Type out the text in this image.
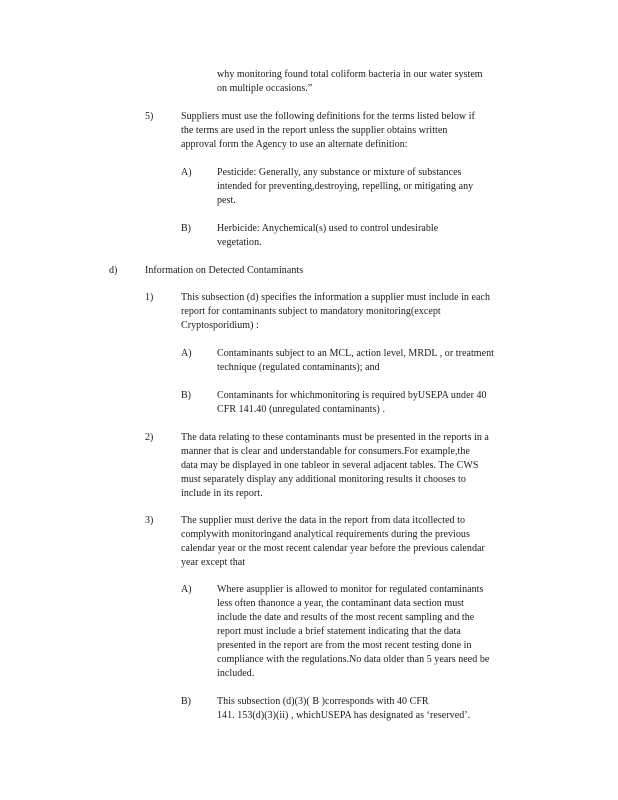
why monitoring found total coliform bacteria in our water system
on multiple occasions.”
5)	Suppliers must use the following definitions for the terms listed below if
the terms are used in the report unless the supplier obtains written
approval form the Agency to use an alternate definition:
A)	Pesticide: Generally, any substance or mixture of substances
intended for preventing,destroying, repelling, or mitigating any
pest.
B)	Herbicide: Anychemical(s) used to control undesirable
vegetation.
d)	Information on Detected Contaminants
1)	This subsection (d) specifies the information a supplier must include in each
report for contaminants subject to mandatory monitoring(except
Cryptosporidium) :
A)	Contaminants subject to an MCL, action level, MRDL , or treatment
technique (regulated contaminants); and
B)	Contaminants for whichmonitoring is required byUSEPA under 40
CFR 141.40 (unregulated contaminants) .
2)	The data relating to these contaminants must be presented in the reports in a
manner that is clear and understandable for consumers.For example,the
data may be displayed in one tableor in several adjacent tables. The CWS
must separately display any additional monitoring results it chooses to
include in its report.
3)	The supplier must derive the data in the report from data itcollected to
complywith monitoringand analytical requirements during the previous
calendar year or the most recent calendar year before the previous calendar
year except that
A)	Where asupplier is allowed to monitor for regulated contaminants
less often thanonce a year, the contaminant data section must
include the date and results of the most recent sampling and the
report must include a brief statement indicating that the data
presented in the report are from the most recent testing done in
compliance with the regulations.No data older than 5 years need be
included.
B)	This subsection (d)(3)( B )corresponds with 40 CFR
141. 153(d)(3)(ii) , whichUSEPA has designated as ‘reserved’.
